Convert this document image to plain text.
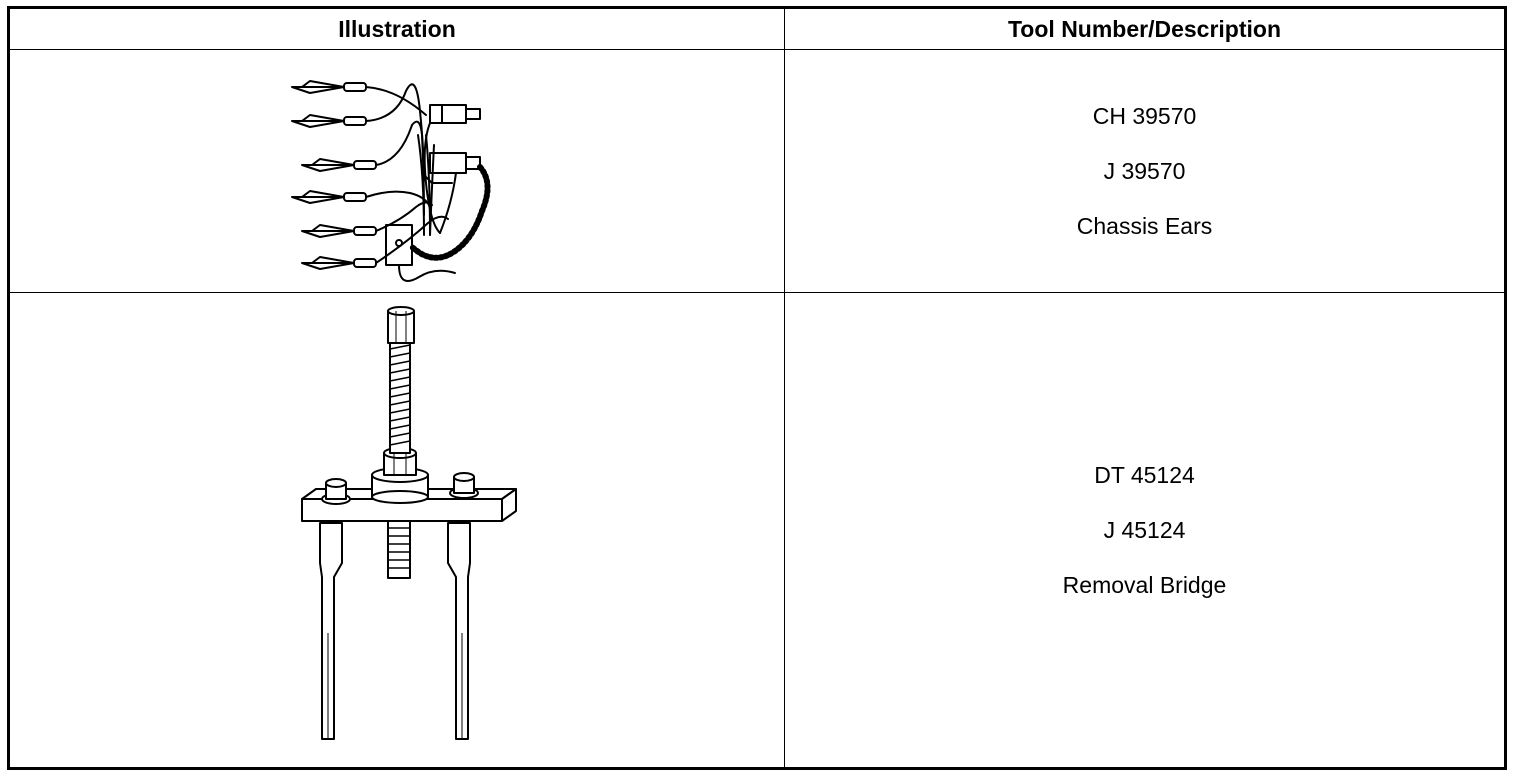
Illustration	Tool Number/Description
CH 39570
J 39570
Chassis Ears
DT 45124
J 45124
Removal Bridge
